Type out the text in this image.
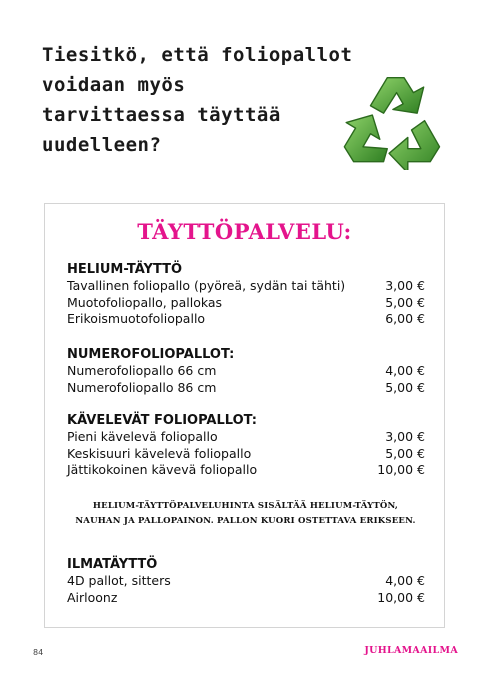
Tiesitkö, että foliopallot
voidaan myös
tarvittaessa täyttää
uudelleen?
TÄYTTÖPALVELU:
HELIUM-TÄYTTÖ
Tavallinen foliopallo (pyöreä, sydän tai tähti)	3,00 €
Muotofoliopallo, pallokas	5,00 €
Erikoismuotofoliopallo	6,00 €
NUMEROFOLIOPALLOT:
Numerofoliopallo 66 cm	4,00 €
Numerofoliopallo 86 cm	5,00 €
KÄVELEVÄT FOLIOPALLOT:
Pieni kävelevä foliopallo	3,00 €
Keskisuuri kävelevä foliopallo	5,00 €
Jättikokoinen kävevä foliopallo	10,00 €
HELIUM-TÄYTTÖPALVELUHINTA SISÄLTÄÄ HELIUM-TÄYTÖN,
NAUHAN JA PALLOPAINON. PALLON KUORI OSTETTAVA ERIKSEEN.
ILMATÄYTTÖ
4D pallot, sitters	4,00 €
Airloonz	10,00 €
84	JUHLAMAAILMA
